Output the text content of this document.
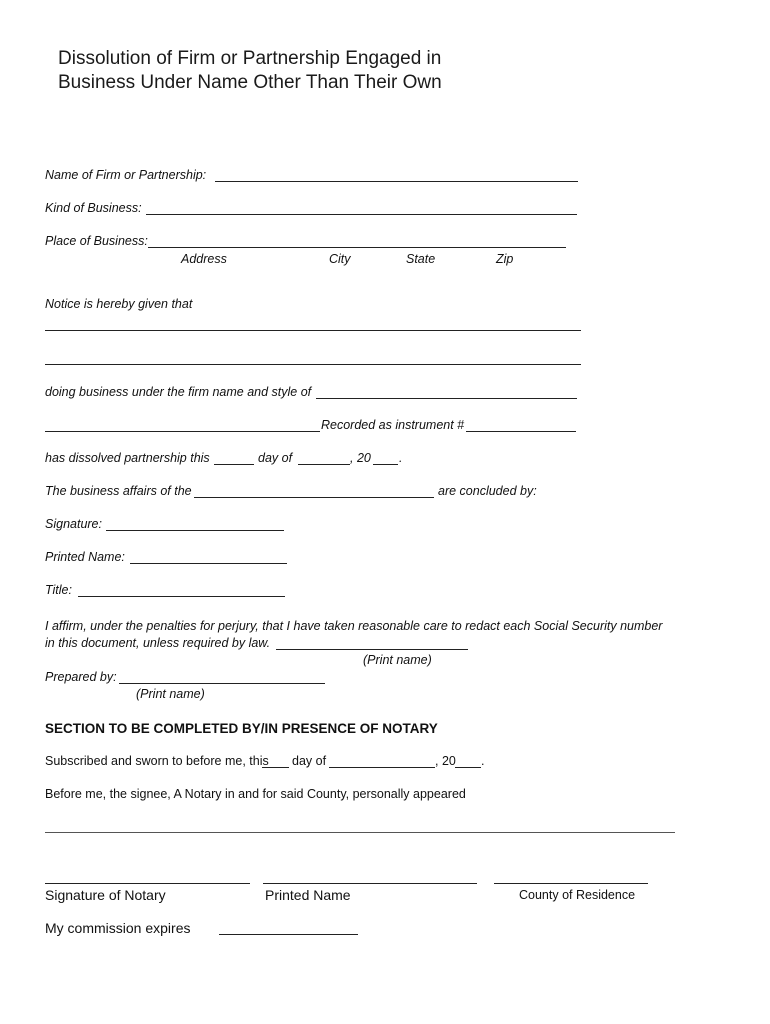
Dissolution of Firm or Partnership Engaged in
Business Under Name Other Than Their Own
Name of Firm or Partnership:
Kind of Business:
Place of Business:
Address	City	State	Zip
Notice is hereby given that
doing business under the firm name and style of
Recorded as instrument #
has dissolved partnership this	day of	, 20 .
The business affairs of the	are concluded by:
Signature:
Printed Name:
Title:
I affirm, under the penalties for perjury, that I have taken reasonable care to redact each Social Security number
in this document, unless required by law.
(Print name)
Prepared by:
(Print name)
SECTION TO BE COMPLETED BY/IN PRESENCE OF NOTARY
Subscribed and sworn to before me, this day of	, 20 .
Before me, the signee, A Notary in and for said County, personally appeared
Signature of Notary	Printed Name	County of Residence
My commission expires
